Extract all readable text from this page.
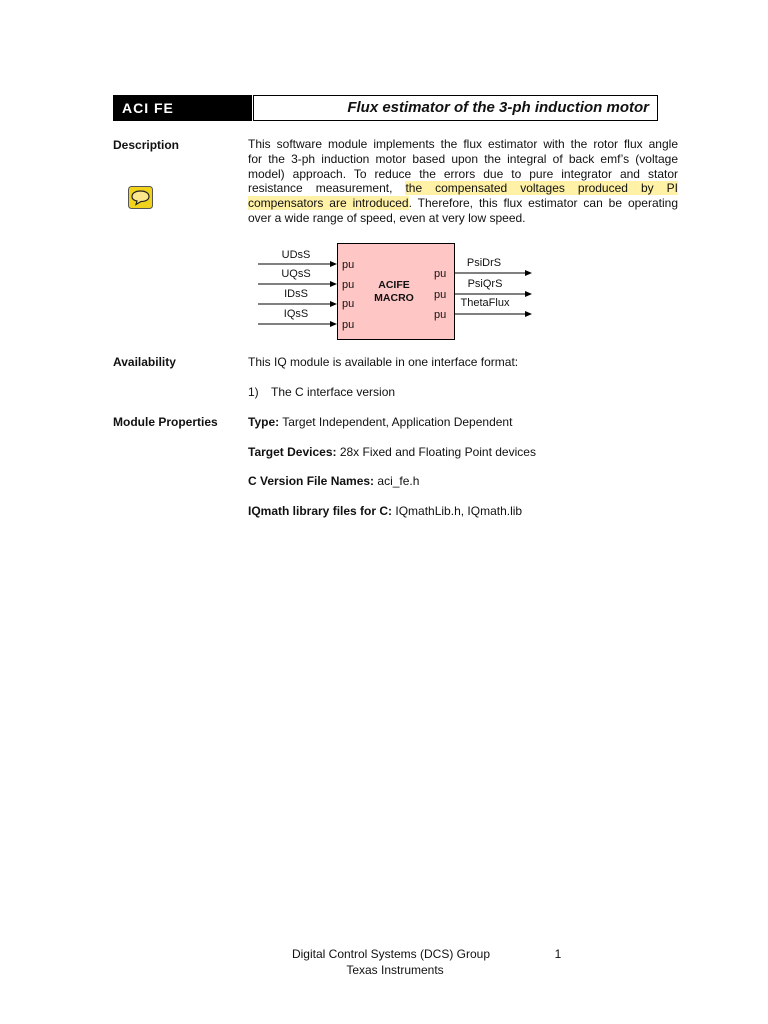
ACI FE	Flux estimator of the 3-ph induction motor
Description	This software module implements the flux estimator with the rotor flux angle
for the 3-ph induction motor based upon the integral of back emf’s (voltage
model) approach. To reduce the errors due to pure integrator and stator
resistance measurement, the compensated voltages produced by PI
compensators are introduced. Therefore, this flux estimator can be operating
over a wide range of speed, even at very low speed.
UDsS
UQsS
IDsS
IQsS
pu
pu
pu
pu
ACIFE
MACRO
pu
pu
pu
PsiDrS
PsiQrS
ThetaFlux
Availability	This IQ module is available in one interface format:
1) The C interface version
Module Properties	Type: Target Independent, Application Dependent
Target Devices: 28x Fixed and Floating Point devices
C Version File Names: aci_fe.h
IQmath library files for C: IQmathLib.h, IQmath.lib
Digital Control Systems (DCS) Group	1
Texas Instruments
